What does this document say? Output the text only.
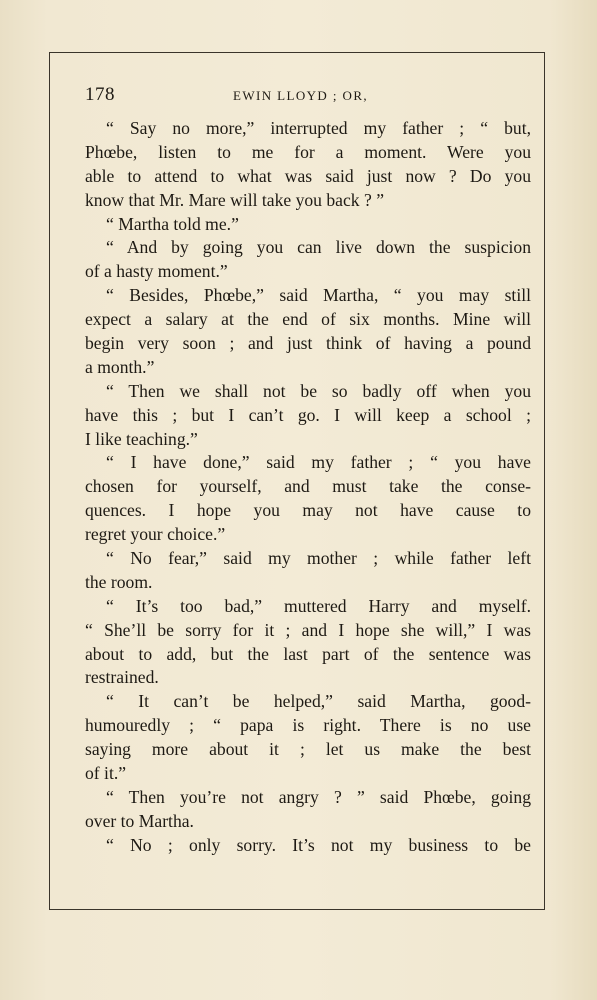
178	EWIN LLOYD ; OR,
“ Say no more,” interrupted my father ; “ but,
Phœbe, listen to me for a moment. Were you
able to attend to what was said just now ? Do you
know that Mr. Mare will take you back ? ”
“ Martha told me.”
“ And by going you can live down the suspicion
of a hasty moment.”
“ Besides, Phœbe,” said Martha, “ you may still
expect a salary at the end of six months. Mine will
begin very soon ; and just think of having a pound
a month.”
“ Then we shall not be so badly off when you
have this ; but I can’t go. I will keep a school ;
I like teaching.”
“ I have done,” said my father ; “ you have
chosen for yourself, and must take the conse-
quences. I hope you may not have cause to
regret your choice.”
“ No fear,” said my mother ; while father left
the room.
“ It’s too bad,” muttered Harry and myself.
“ She’ll be sorry for it ; and I hope she will,” I was
about to add, but the last part of the sentence was
restrained.
“ It can’t be helped,” said Martha, good-
humouredly ; “ papa is right. There is no use
saying more about it ; let us make the best
of it.”
“ Then you’re not angry ? ” said Phœbe, going
over to Martha.
“ No ; only sorry. It’s not my business to be
